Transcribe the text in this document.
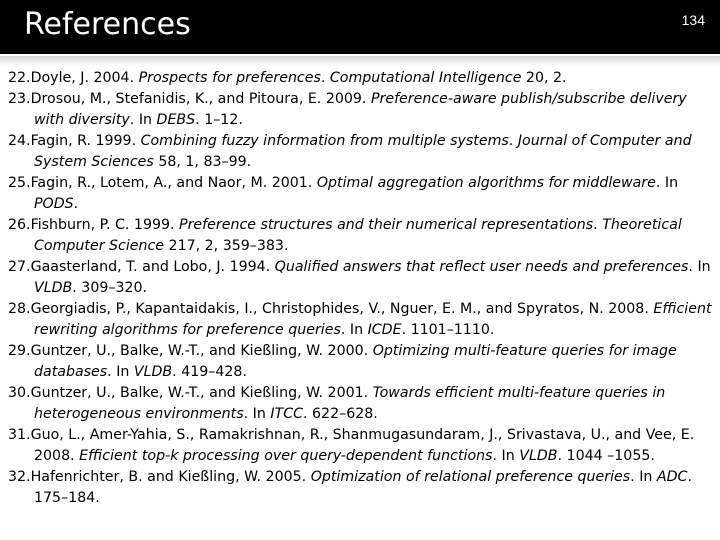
References	134
22.Doyle, J. 2004. Prospects for preferences. Computational Intelligence 20, 2.
23.Drosou, M., Stefanidis, K., and Pitoura, E. 2009. Preference-aware publish/subscribe delivery with diversity. In DEBS. 1–12.
24.Fagin, R. 1999. Combining fuzzy information from multiple systems. Journal of Computer and System Sciences 58, 1, 83–99.
25.Fagin, R., Lotem, A., and Naor, M. 2001. Optimal aggregation algorithms for middleware. In PODS.
26.Fishburn, P. C. 1999. Preference structures and their numerical representations. Theoretical Computer Science 217, 2, 359–383.
27.Gaasterland, T. and Lobo, J. 1994. Qualified answers that reflect user needs and preferences. In VLDB. 309–320.
28.Georgiadis, P., Kapantaidakis, I., Christophides, V., Nguer, E. M., and Spyratos, N. 2008. Efficient rewriting algorithms for preference queries. In ICDE. 1101–1110.
29.Guntzer, U., Balke, W.-T., and Kießling, W. 2000. Optimizing multi-feature queries for image databases. In VLDB. 419–428.
30.Guntzer, U., Balke, W.-T., and Kießling, W. 2001. Towards efficient multi-feature queries in heterogeneous environments. In ITCC. 622–628.
31.Guo, L., Amer-Yahia, S., Ramakrishnan, R., Shanmugasundaram, J., Srivastava, U., and Vee, E. 2008. Efficient top-k processing over query-dependent functions. In VLDB. 1044 –1055.
32.Hafenrichter, B. and Kießling, W. 2005. Optimization of relational preference queries. In ADC. 175–184.
